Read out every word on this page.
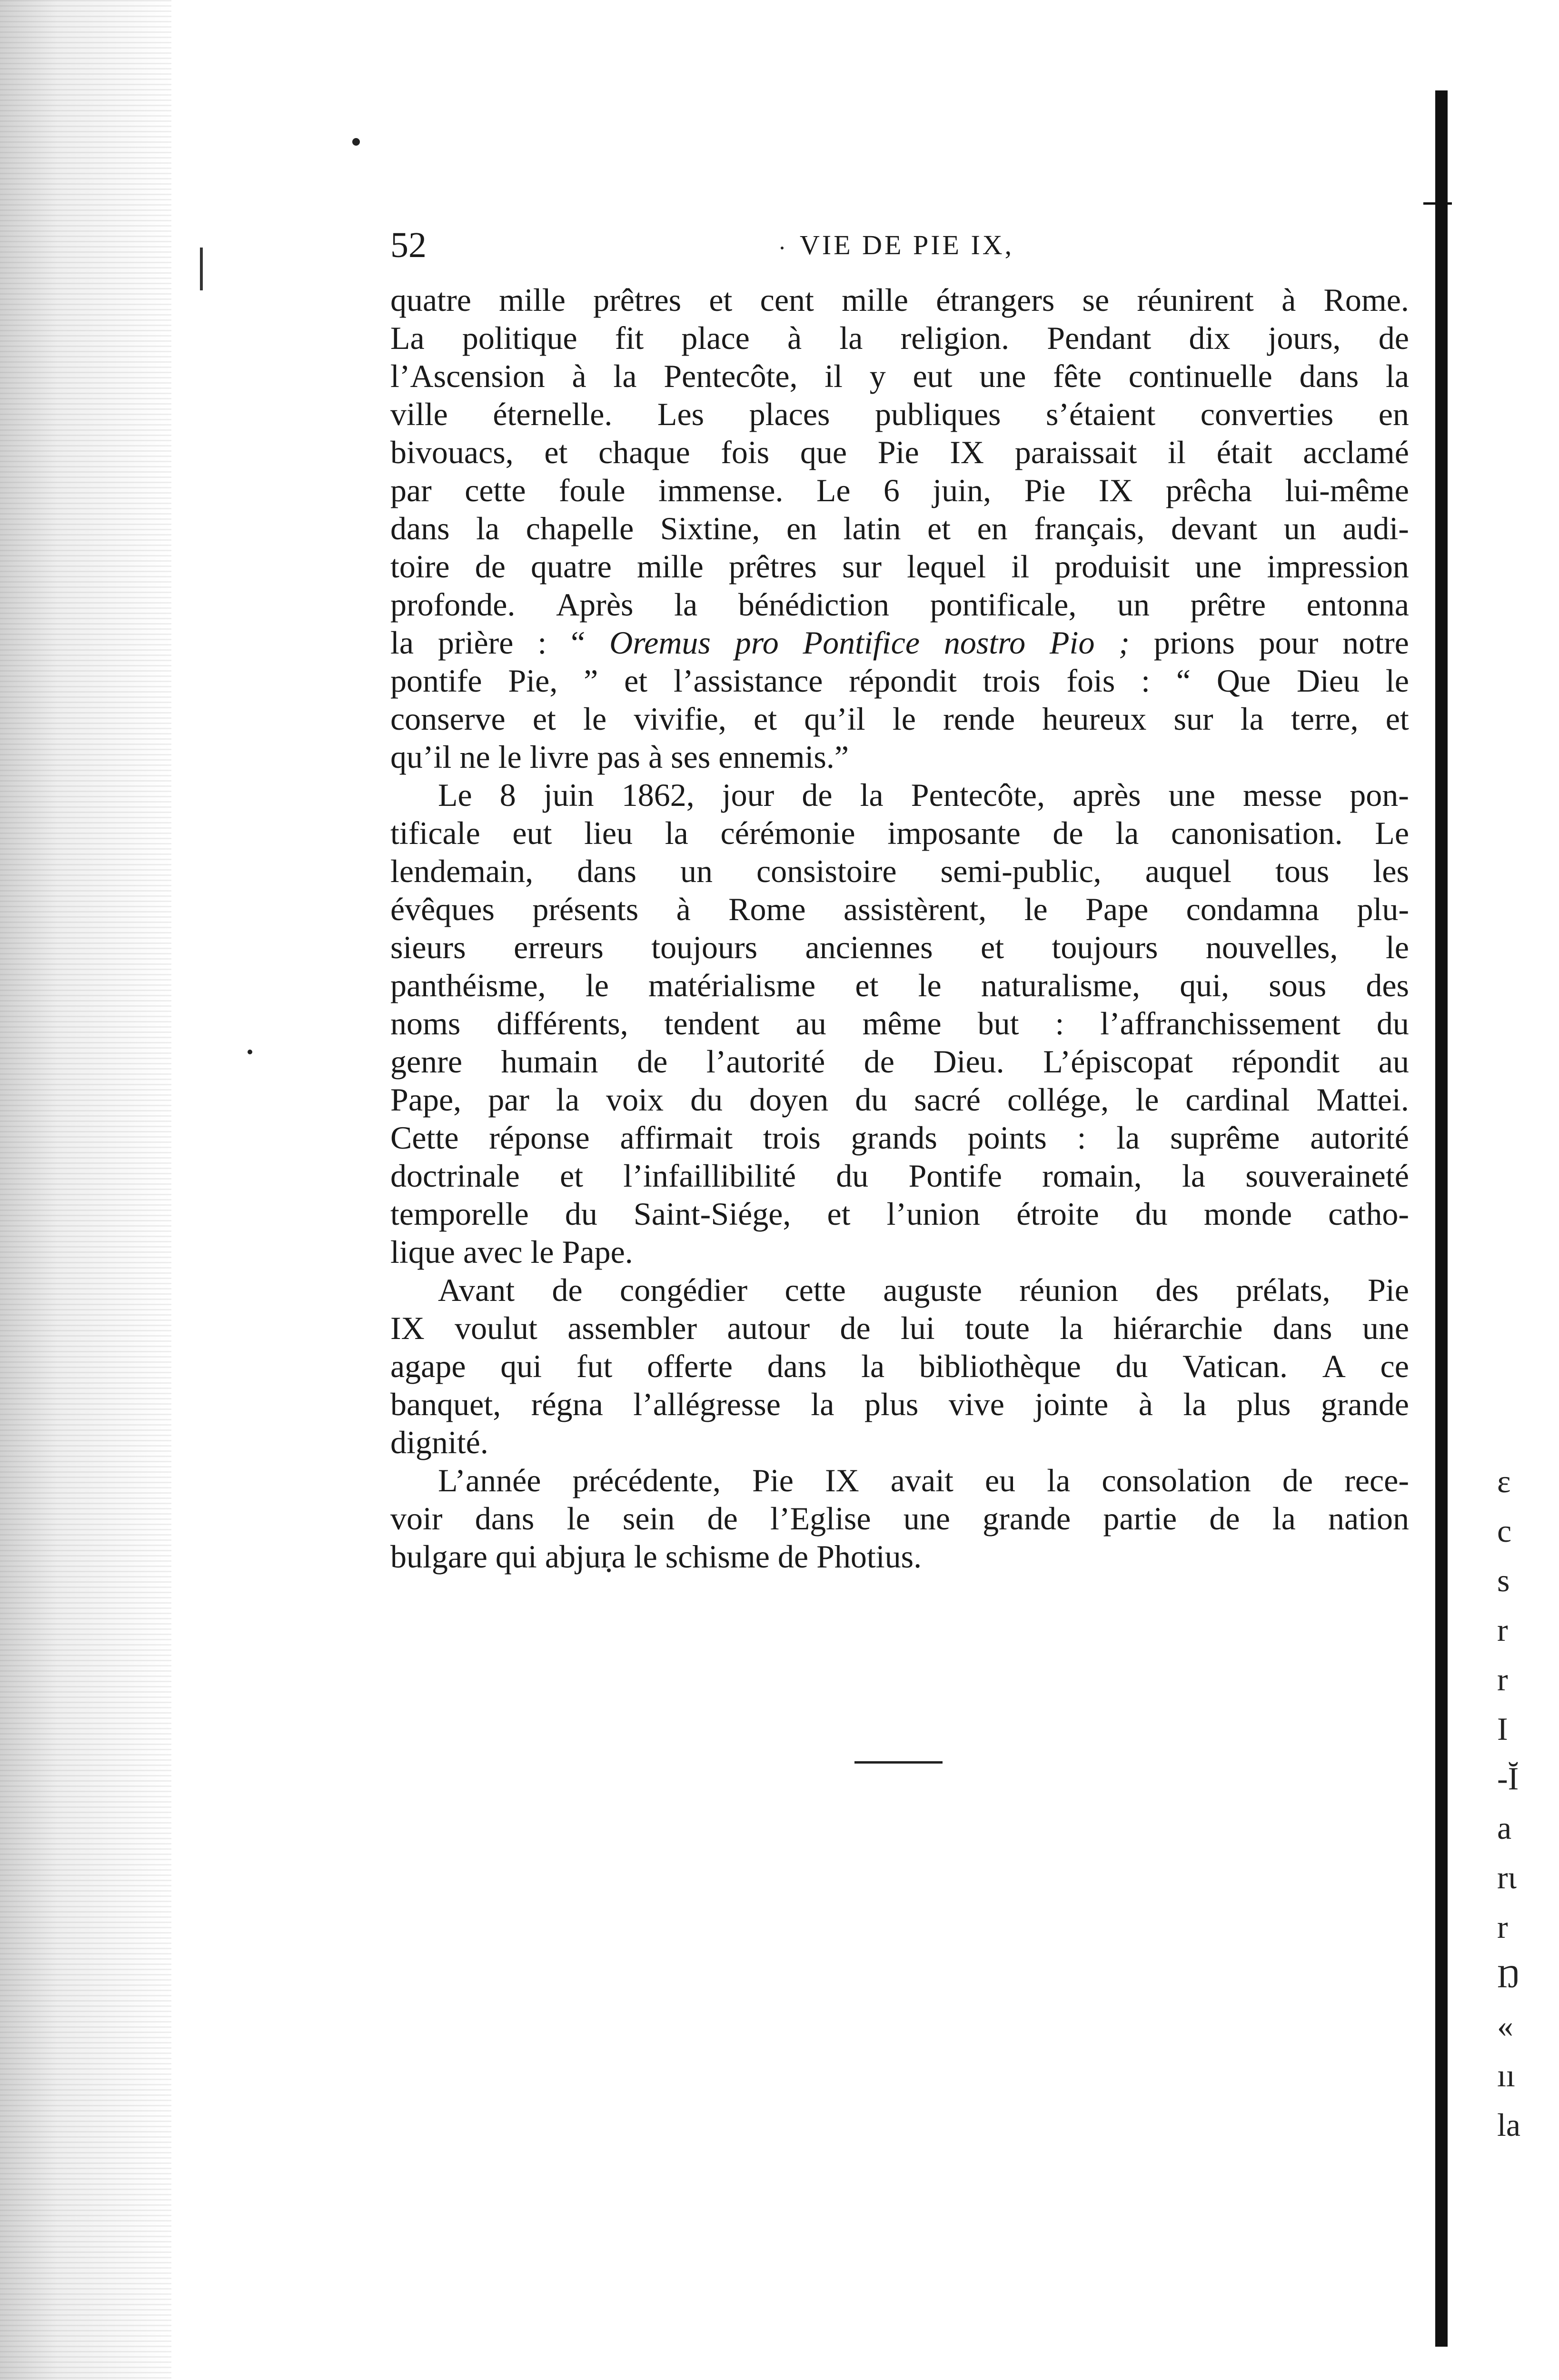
52	VIE DE PIE IX,
quatre mille prêtres et cent mille étrangers se réunirent à Rome.
La politique fit place à la religion. Pendant dix jours, de
l’Ascension à la Pentecôte, il y eut une fête continuelle dans la
ville éternelle. Les places publiques s’étaient converties en
bivouacs, et chaque fois que Pie IX paraissait il était acclamé
par cette foule immense. Le 6 juin, Pie IX prêcha lui-même
dans la chapelle Sixtine, en latin et en français, devant un audi-
toire de quatre mille prêtres sur lequel il produisit une impression
profonde. Après la bénédiction pontificale, un prêtre entonna
la prière : “ Oremus pro Pontifice nostro Pio ; prions pour notre
pontife Pie, ” et l’assistance répondit trois fois : “ Que Dieu le
conserve et le vivifie, et qu’il le rende heureux sur la terre, et
qu’il ne le livre pas à ses ennemis.”
Le 8 juin 1862, jour de la Pentecôte, après une messe pon-
tificale eut lieu la cérémonie imposante de la canonisation. Le
lendemain, dans un consistoire semi-public, auquel tous les
évêques présents à Rome assistèrent, le Pape condamna plu-
sieurs erreurs toujours anciennes et toujours nouvelles, le
panthéisme, le matérialisme et le naturalisme, qui, sous des
noms différents, tendent au même but : l’affranchissement du
genre humain de l’autorité de Dieu. L’épiscopat répondit au
Pape, par la voix du doyen du sacré collége, le cardinal Mattei.
Cette réponse affirmait trois grands points : la suprême autorité
doctrinale et l’infaillibilité du Pontife romain, la souveraineté
temporelle du Saint-Siége, et l’union étroite du monde catho-
lique avec le Pape.
Avant de congédier cette auguste réunion des prélats, Pie
IX voulut assembler autour de lui toute la hiérarchie dans une
agape qui fut offerte dans la bibliothèque du Vatican. A ce
banquet, régna l’allégresse la plus vive jointe à la plus grande
dignité.
L’année précédente, Pie IX avait eu la consolation de rece-
voir dans le sein de l’Eglise une grande partie de la nation
bulgare qui abjura le schisme de Photius.
ε
c
s
r
r
I
-Ĭ
a
rι
r
Ŋ
«
ıı
la
